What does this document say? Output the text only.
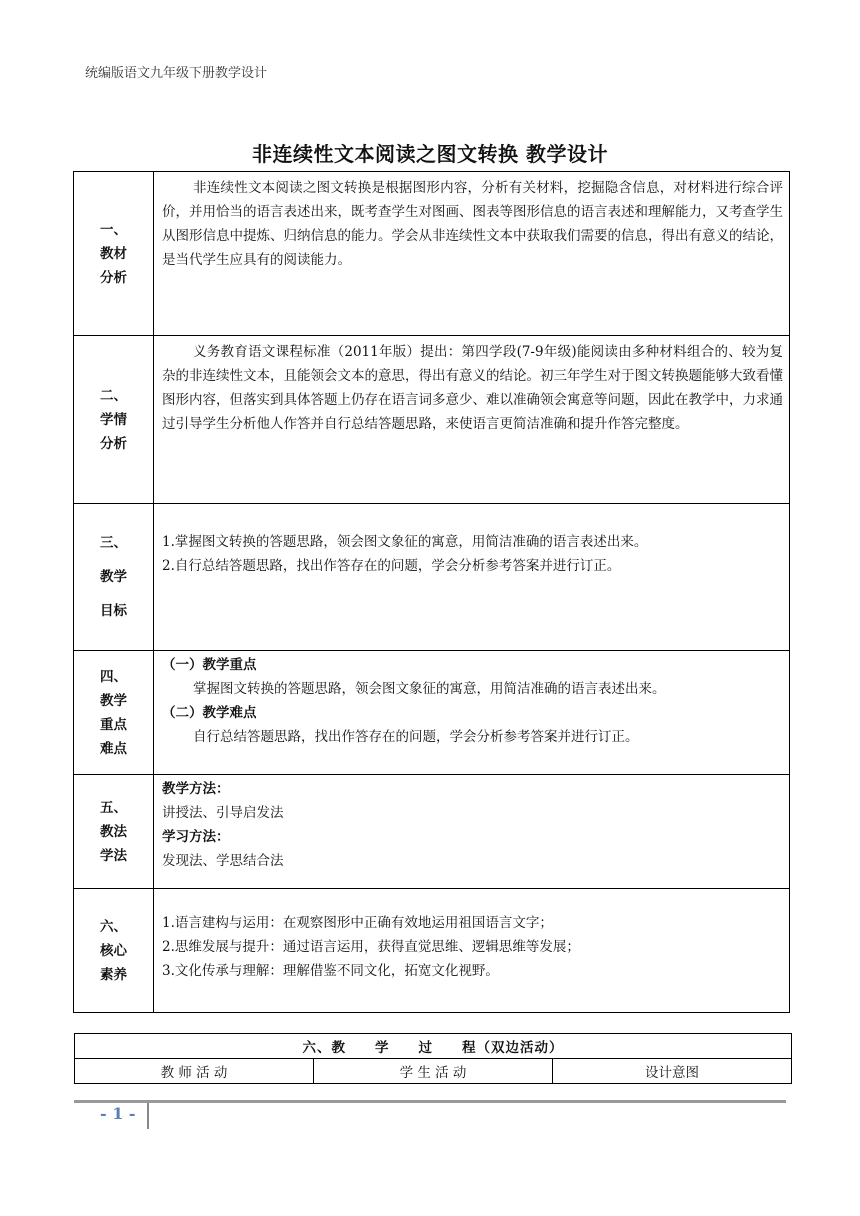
统编版语文九年级下册教学设计
非连续性文本阅读之图文转换 教学设计
一、
教材
分析	非连续性文本阅读之图文转换是根据图形内容，分析有关材料，挖掘隐含信息，对材料进行综合评价，并用恰当的语言表述出来，既考查学生对图画、图表等图形信息的语言表述和理解能力，又考查学生从图形信息中提炼、归纳信息的能力。学会从非连续性文本中获取我们需要的信息，得出有意义的结论，是当代学生应具有的阅读能力。

二、
学情
分析	义务教育语文课程标准（2011年版）提出：第四学段(7-9年级)能阅读由多种材料组合的、较为复杂的非连续性文本，且能领会文本的意思，得出有意义的结论。初三年学生对于图文转换题能够大致看懂图形内容，但落实到具体答题上仍存在语言词多意少、难以准确领会寓意等问题，因此在教学中，力求通过引导学生分析他人作答并自行总结答题思路，来使语言更简洁准确和提升作答完整度。

三、
教学
目标	1.掌握图文转换的答题思路，领会图文象征的寓意，用简洁准确的语言表述出来。
2.自行总结答题思路，找出作答存在的问题，学会分析参考答案并进行订正。

四、
教学
重点
难点	（一）教学重点
掌握图文转换的答题思路，领会图文象征的寓意，用简洁准确的语言表述出来。
（二）教学难点
自行总结答题思路，找出作答存在的问题，学会分析参考答案并进行订正。

五、
教法
学法	教学方法：
讲授法、引导启发法
学习方法：
发现法、学思结合法

六、
核心
素养	1.语言建构与运用：在观察图形中正确有效地运用祖国语言文字；
2.思维发展与提升：通过语言运用，获得直觉思维、逻辑思维等发展；
3.文化传承与理解：理解借鉴不同文化，拓宽文化视野。
六、教　　学　　过　　程（双边活动）
教 师 活 动	学 生 活 动	设计意图
- 1 -
